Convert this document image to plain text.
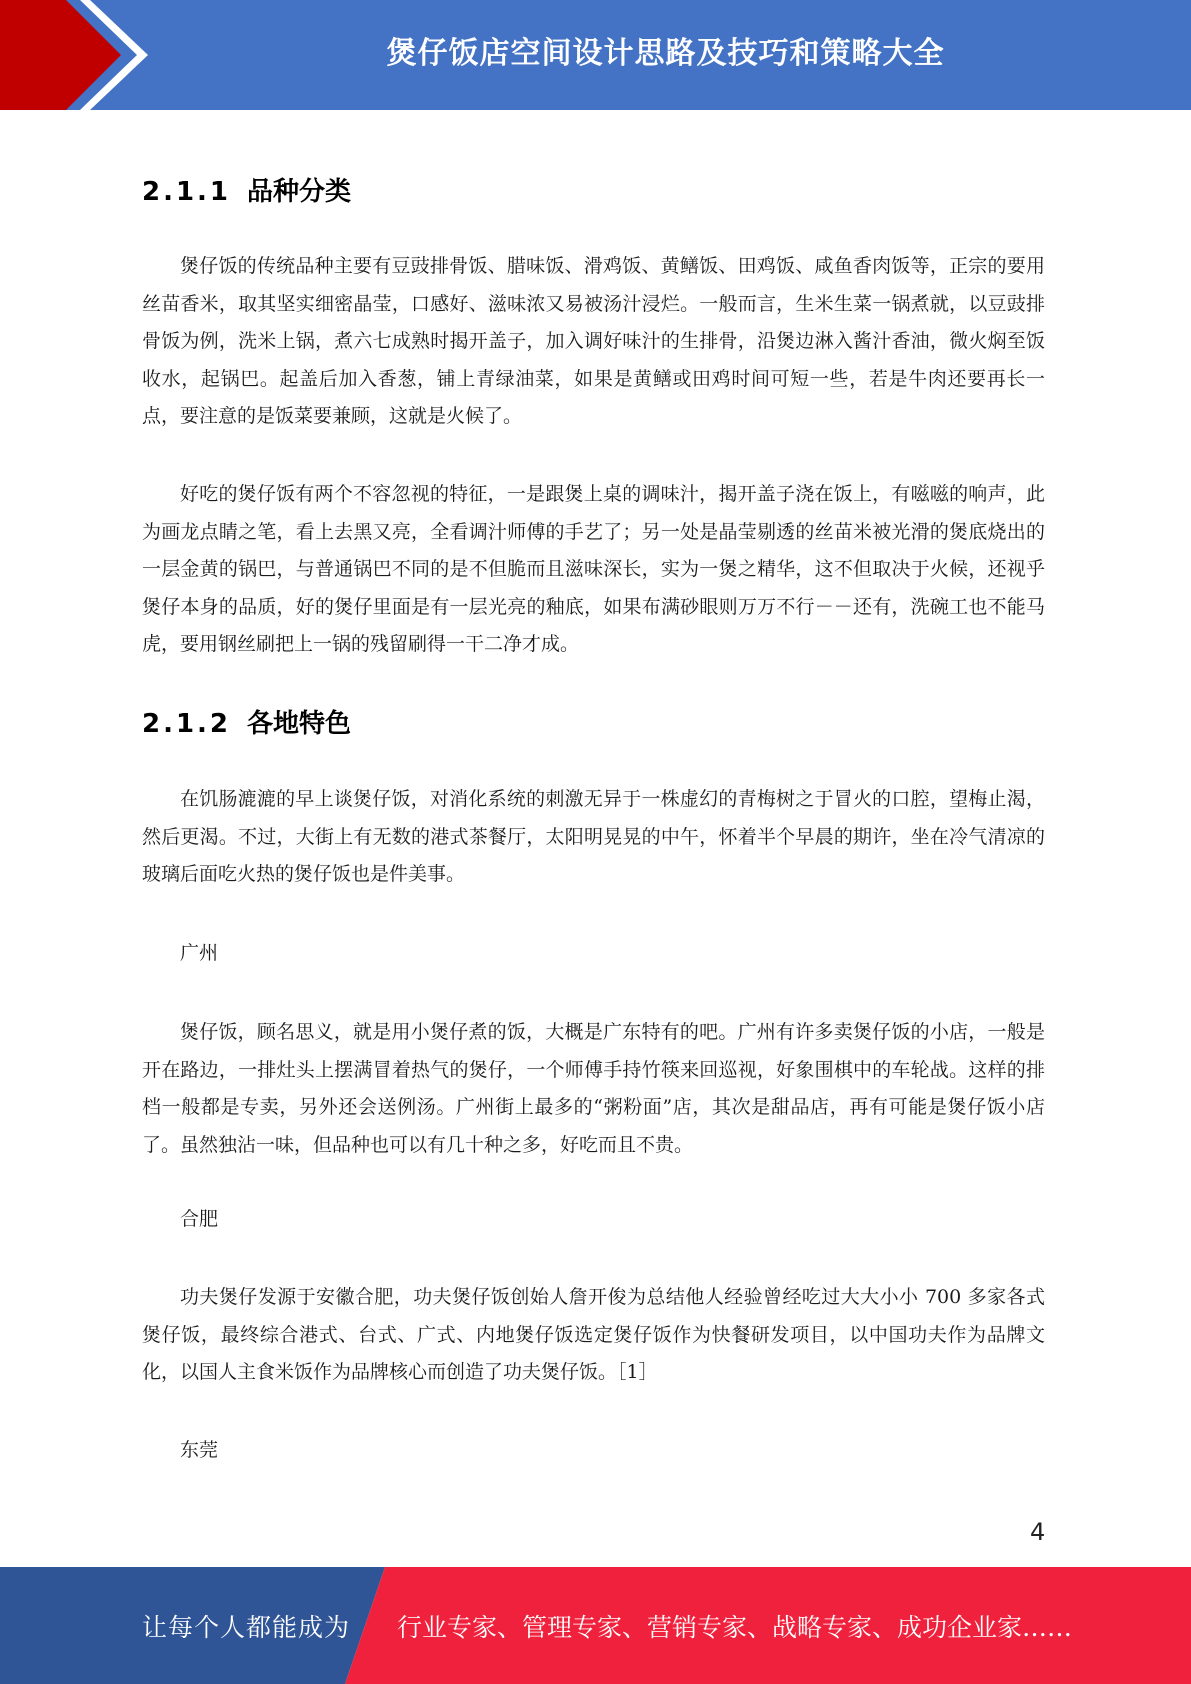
煲仔饭店空间设计思路及技巧和策略大全
2.1.1 品种分类

煲仔饭的传统品种主要有豆豉排骨饭、腊味饭、滑鸡饭、黄鳝饭、田鸡饭、咸鱼香肉饭等，正宗的要用丝苗香米，取其坚实细密晶莹，口感好、滋味浓又易被汤汁浸烂。一般而言，生米生菜一锅煮就，以豆豉排骨饭为例，洗米上锅，煮六七成熟时揭开盖子，加入调好味汁的生排骨，沿煲边淋入酱汁香油，微火焖至饭收水，起锅巴。起盖后加入香葱，铺上青绿油菜，如果是黄鳝或田鸡时间可短一些，若是牛肉还要再长一点，要注意的是饭菜要兼顾，这就是火候了。

好吃的煲仔饭有两个不容忽视的特征，一是跟煲上桌的调味汁，揭开盖子浇在饭上，有嗞嗞的响声，此为画龙点睛之笔，看上去黑又亮，全看调汁师傅的手艺了；另一处是晶莹剔透的丝苗米被光滑的煲底烧出的一层金黄的锅巴，与普通锅巴不同的是不但脆而且滋味深长，实为一煲之精华，这不但取决于火候，还视乎煲仔本身的品质，好的煲仔里面是有一层光亮的釉底，如果布满砂眼则万万不行－－还有，洗碗工也不能马虎，要用钢丝刷把上一锅的残留刷得一干二净才成。

2.1.2 各地特色

在饥肠漉漉的早上谈煲仔饭，对消化系统的刺激无异于一株虚幻的青梅树之于冒火的口腔，望梅止渴，然后更渴。不过，大街上有无数的港式茶餐厅，太阳明晃晃的中午，怀着半个早晨的期许，坐在冷气清凉的玻璃后面吃火热的煲仔饭也是件美事。

广州

煲仔饭，顾名思义，就是用小煲仔煮的饭，大概是广东特有的吧。广州有许多卖煲仔饭的小店，一般是开在路边，一排灶头上摆满冒着热气的煲仔，一个师傅手持竹筷来回巡视，好象围棋中的车轮战。这样的排档一般都是专卖，另外还会送例汤。广州街上最多的“粥粉面”店，其次是甜品店，再有可能是煲仔饭小店了。虽然独沾一味，但品种也可以有几十种之多，好吃而且不贵。

合肥

功夫煲仔发源于安徽合肥，功夫煲仔饭创始人詹开俊为总结他人经验曾经吃过大大小小 700 多家各式煲仔饭，最终综合港式、台式、广式、内地煲仔饭选定煲仔饭作为快餐研发项目，以中国功夫作为品牌文化，以国人主食米饭作为品牌核心而创造了功夫煲仔饭。［1］

东莞

4
让每个人都能成为 行业专家、管理专家、营销专家、战略专家、成功企业家……
